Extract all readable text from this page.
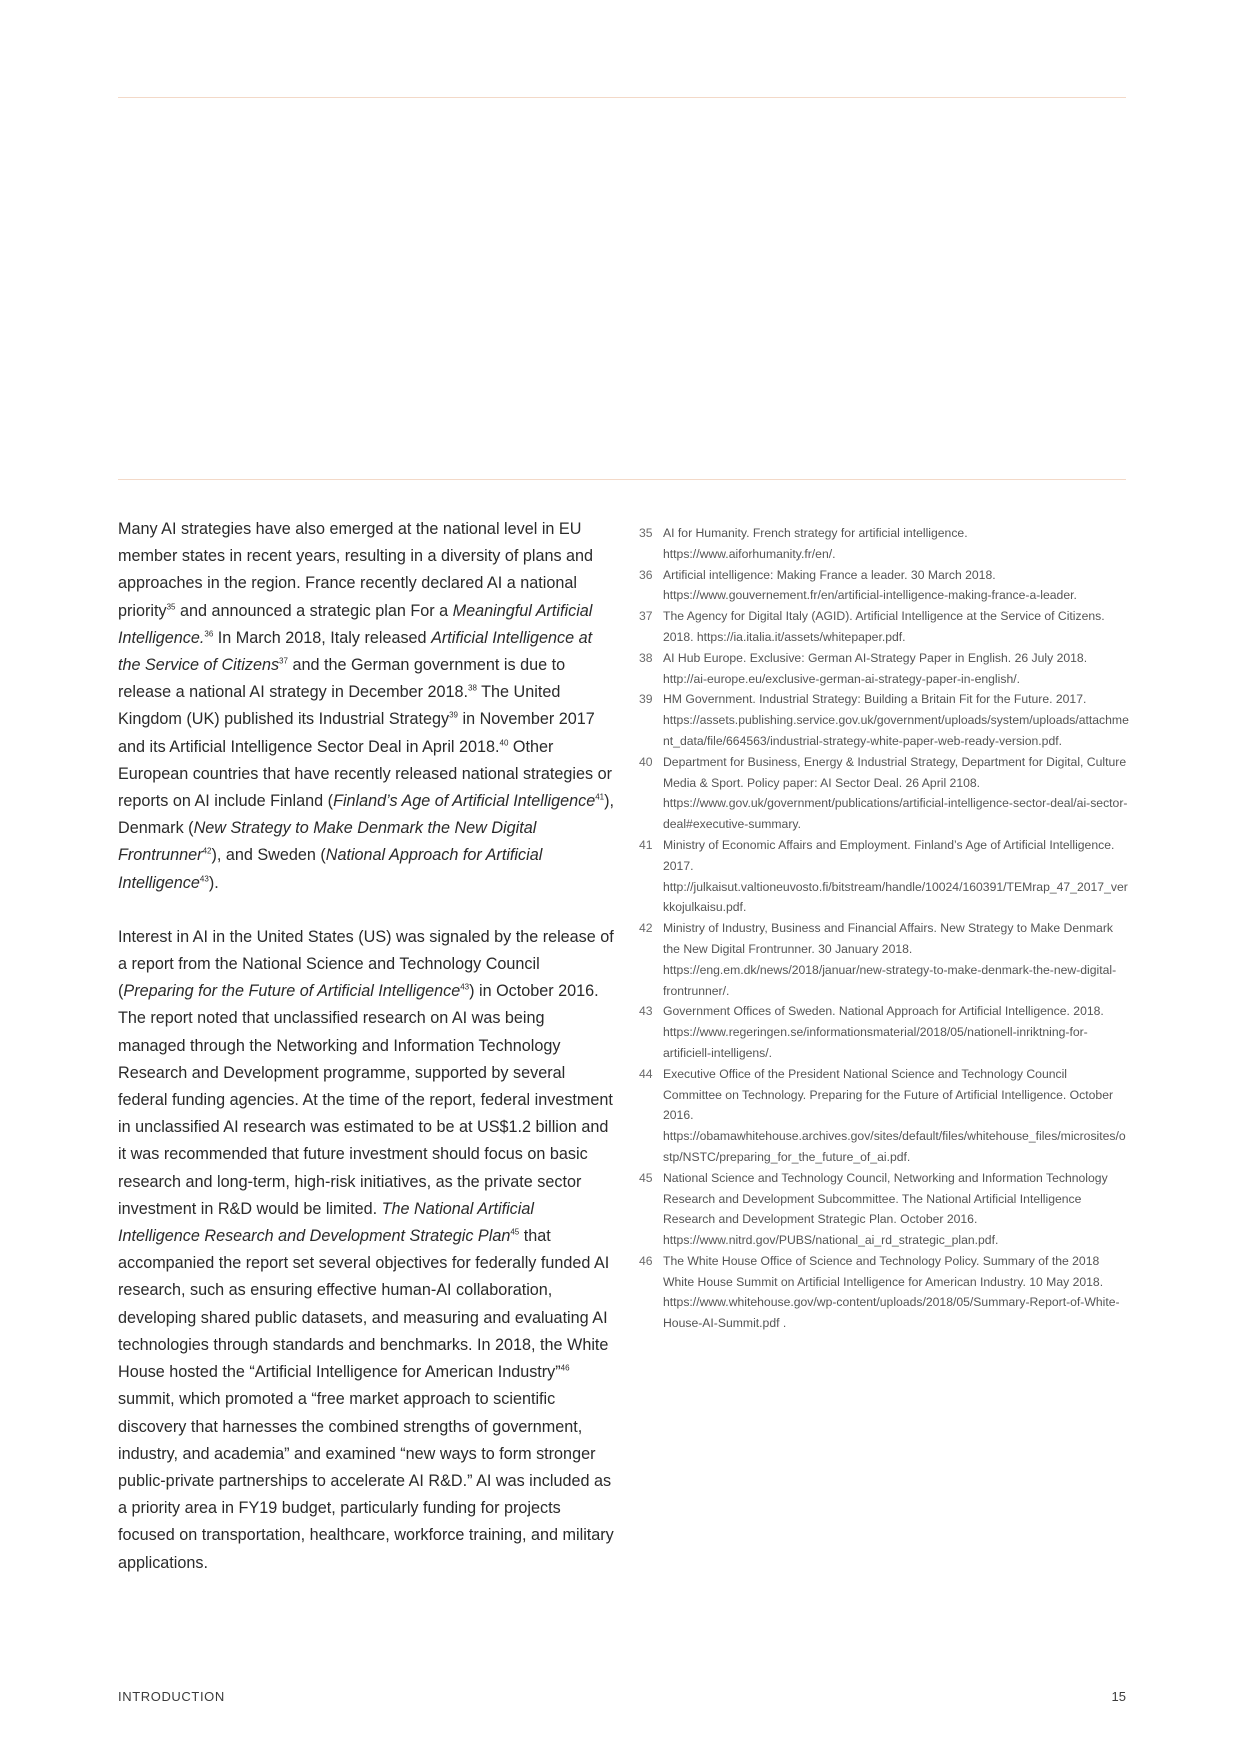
Many AI strategies have also emerged at the national level in EU member states in recent years, resulting in a diversity of plans and approaches in the region. France recently declared AI a national priority$^{35}$ and announced a strategic plan For a Meaningful Artificial Intelligence.$^{36}$ In March 2018, Italy released Artificial Intelligence at the Service of Citizens$^{37}$ and the German government is due to release a national AI strategy in December 2018.38 The United Kingdom (UK) published its Industrial Strategy$^{39}$ in November 2017 and its Artificial Intelligence Sector Deal in April 2018.40 Other European countries that have recently released national strategies or reports on AI include Finland (Finland’s Age of Artificial Intelligence$^{41}$), Denmark (New Strategy to Make Denmark the New Digital Frontrunner$^{42}$), and Sweden (National Approach for Artificial Intelligence$^{43}$).

Interest in AI in the United States (US) was signaled by the release of a report from the National Science and Technology Council (Preparing for the Future of Artificial Intelligence$^{43}$) in October 2016. The report noted that unclassified research on AI was being managed through the Networking and Information Technology Research and Development programme, supported by several federal funding agencies. At the time of the report, federal investment in unclassified AI research was estimated to be at US$1.2 billion and it was recommended that future investment should focus on basic research and long-term, high-risk initiatives, as the private sector investment in R&D would be limited. The National Artificial Intelligence Research and Development Strategic Plan$^{45}$ that accompanied the report set several objectives for federally funded AI research, such as ensuring effective human-AI collaboration, developing shared public datasets, and measuring and evaluating AI technologies through standards and benchmarks. In 2018, the White House hosted the “Artificial Intelligence for American Industry”$^{46}$ summit, which promoted a “free market approach to scientific discovery that harnesses the combined strengths of government, industry, and academia” and examined “new ways to form stronger public-private partnerships to accelerate AI R&D.” AI was included as a priority area in FY19 budget, particularly funding for projects focused on transportation, healthcare, workforce training, and military applications.

35 AI for Humanity. French strategy for artificial intelligence. https://www.aiforhumanity.fr/en/.
36 Artificial intelligence: Making France a leader. 30 March 2018. https://www.gouvernement.fr/en/artificial-intelligence-making-france-a-leader.
37 The Agency for Digital Italy (AGID). Artificial Intelligence at the Service of Citizens. 2018. https://ia.italia.it/assets/whitepaper.pdf.
38 AI Hub Europe. Exclusive: German AI-Strategy Paper in English. 26 July 2018. http://ai-europe.eu/exclusive-german-ai-strategy-paper-in-english/.
39 HM Government. Industrial Strategy: Building a Britain Fit for the Future. 2017. https://assets.publishing.service.gov.uk/government/uploads/system/uploads/attachment_data/file/664563/industrial-strategy-white-paper-web-ready-version.pdf.
40 Department for Business, Energy & Industrial Strategy, Department for Digital, Culture Media & Sport. Policy paper: AI Sector Deal. 26 April 2108. https://www.gov.uk/government/publications/artificial-intelligence-sector-deal/ai-sector-deal#executive-summary.
41 Ministry of Economic Affairs and Employment. Finland’s Age of Artificial Intelligence. 2017. http://julkaisut.valtioneuvosto.fi/bitstream/handle/10024/160391/TEMrap_47_2017_verkkojulkaisu.pdf.
42 Ministry of Industry, Business and Financial Affairs. New Strategy to Make Denmark the New Digital Frontrunner. 30 January 2018. https://eng.em.dk/news/2018/januar/new-strategy-to-make-denmark-the-new-digital-frontrunner/.
43 Government Offices of Sweden. National Approach for Artificial Intelligence. 2018. https://www.regeringen.se/informationsmaterial/2018/05/nationell-inriktning-for-artificiell-intelligens/.
44 Executive Office of the President National Science and Technology Council Committee on Technology. Preparing for the Future of Artificial Intelligence. October 2016. https://obamawhitehouse.archives.gov/sites/default/files/whitehouse_files/microsites/ostp/NSTC/preparing_for_the_future_of_ai.pdf.
45 National Science and Technology Council, Networking and Information Technology Research and Development Subcommittee. The National Artificial Intelligence Research and Development Strategic Plan. October 2016. https://www.nitrd.gov/PUBS/national_ai_rd_strategic_plan.pdf.
46 The White House Office of Science and Technology Policy. Summary of the 2018 White House Summit on Artificial Intelligence for American Industry. 10 May 2018. https://www.whitehouse.gov/wp-content/uploads/2018/05/Summary-Report-of-White-House-AI-Summit.pdf .
INTRODUCTION	15
